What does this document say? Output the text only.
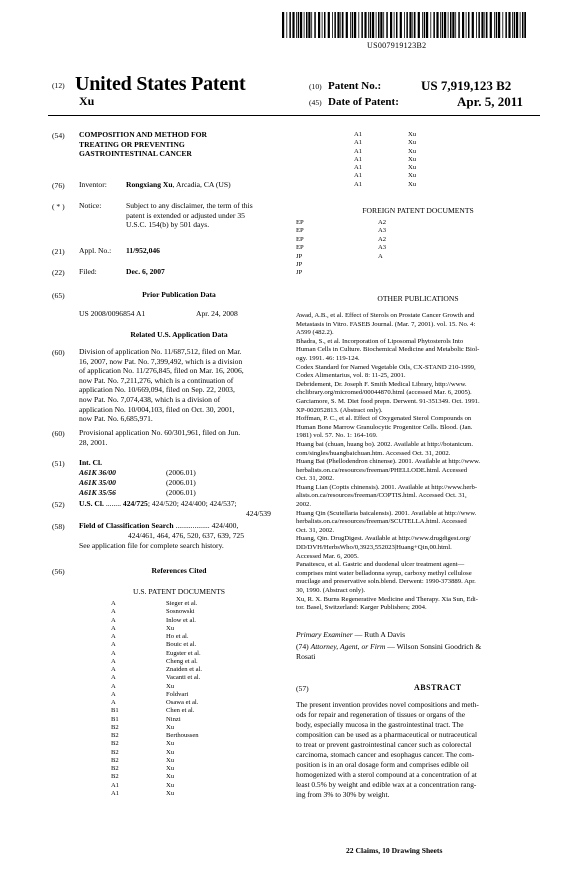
US007919123B2
(12) United States Patent
Xu
(10) Patent No.:	US 7,919,123 B2
(45) Date of Patent:	Apr. 5, 2011
(54) COMPOSITION AND METHOD FOR
TREATING OR PREVENTING
GASTROINTESTINAL CANCER
(76) Inventor:	Rongxiang Xu, Arcadia, CA (US)
( * ) Notice:	Subject to any disclaimer, the term of this
patent is extended or adjusted under 35
U.S.C. 154(b) by 501 days.
(21) Appl. No.: 11/952,046
(22) Filed:	Dec. 6, 2007
(65)	Prior Publication Data
US 2008/0096854 A1	Apr. 24, 2008
Related U.S. Application Data
(60) Division of application No. 11/687,512, filed on Mar.
16, 2007, now Pat. No. 7,399,492, which is a division
of application No. 11/276,845, filed on Mar. 16, 2006,
now Pat. No. 7,211,276, which is a continuation of
application No. 10/669,094, filed on Sep. 22, 2003,
now Pat. No. 7,074,438, which is a division of
application No. 10/004,103, filed on Oct. 30, 2001,
now Pat. No. 6,685,971.
(60) Provisional application No. 60/301,961, filed on Jun.
28, 2001.
(51) Int. Cl.
A61K 36/00	(2006.01)
A61K 35/00	(2006.01)
A61K 35/56	(2006.01)
(52) U.S. Cl. ........ 424/725; 424/520; 424/400; 424/537;
424/539
(58) Field of Classification Search .................. 424/400,
424/461, 464, 476, 520, 637, 639, 725
See application file for complete search history.
(56)	References Cited
U.S. PATENT DOCUMENTS
A	Sieger et al.
A	Sosnowski
A	Inlow et al.
A	Xu
A	Ho et al.
A	Bouic et al.
A	Eugster et al.
A	Cheng et al.
A	Znaiden et al.
A	Vacanti et al.
A	Xu
A	Foldvari
A	Osawa et al.
B1	Chen et al.
B1	Ninzi
B2	Xu
B2	Berthoussen
B2	Xu
B2	Xu
B2	Xu
B2	Xu
B2	Xu
A1	Xu
A1	Xu
A1	Xu
A1	Xu
A1	Xu
A1	Xu
A1	Xu
A1	Xu
A1	Xu
FOREIGN PATENT DOCUMENTS
EP	A2
EP	A3
EP	A2
EP	A3
JP	A
JP
JP
OTHER PUBLICATIONS
Awad, A.B., et al. Effect of Sterols on Prostate Cancer Growth and
Metastasis in Vitro. FASEB Journal. (Mar. 7, 2001). vol. 15. No. 4:
A599 (482.2).
Bhadra, S., et al. Incorporation of Liposomal Phytosterols Into
Human Cells in Culture. Biochemical Medicine and Metabolic Biol-
ogy. 1991. 46: 119-124.
Codex Standard for Named Vegetable Oils, CX-STAND 210-1999,
Codex Alimentarius, vol. 8: 11-25, 2001.
Debridement, Dr. Joseph F. Smith Medical Library, http://www.
chclibrary.org/micromed/00044870.html (accessed Mar. 6, 2005).
Garciamore, S. M. Diet food prepn. Derwent. 91-351349. Oct. 1991.
XP-002052813. (Abstract only).
Hoffman, P. C., et al. Effect of Oxygenated Sterol Compounds on
Human Bone Marrow Granulocytic Progenitor Cells. Blood. (Jan.
1981) vol. 57. No. 1: 164-169.
Huang bai (chuan, huang bo). 2002. Available at http://botanicum.
com/singles/huangbaichuan.htm. Accessed Oct. 31, 2002.
Huang Bai (Phellodendron chinense). 2001. Available at http://www.
herbalists.on.ca/resources/freeman/PHELLODE.html. Accessed
Oct. 31, 2002.
Huang Lian (Coptis chinensis). 2001. Available at http://www.herb-
alists.on.ca/resources/freeman/COPTIS.html. Accessed Oct. 31,
2002.
Huang Qin (Scutellaria baicalensis). 2001. Available at http://www.
herbalists.on.ca/resources/freeman/SCUTELLA.html. Accessed
Oct. 31, 2002.
Huang, Qin. DrugDigest. Available at http://www.drugdigest.org/
DD/DVH/HerbsWho/0,3923,552023|Huang+Qin,00.html.
Accessed Mar. 6, 2005.
Panaitescu, et al. Gastric and duodenal ulcer treatment agent—
comprises mint water belladonna syrup, carboxy methyl cellulose
mucilage and preservative soln.blend. Derwent: 1990-373889. Apr.
30, 1990. (Abstract only).
Xu, R. X. Burns Regenerative Medicine and Therapy. Xia Sun, Edi-
tor. Basel, Switzerland: Karger Publishers; 2004.
Primary Examiner — Ruth A Davis
(74) Attorney, Agent, or Firm — Wilson Sonsini Goodrich &
Rosati
(57)	ABSTRACT
The present invention provides novel compositions and meth-
ods for repair and regeneration of tissues or organs of the
body, especially mucosa in the gastrointestinal tract. The
composition can be used as a pharmaceutical or nutraceutical
to treat or prevent gastrointestinal cancer such as colorectal
carcinoma, stomach cancer and esophagus cancer. The com-
position is in an oral dosage form and comprises edible oil
homogenized with a sterol compound at a concentration of at
least 0.5% by weight and edible wax at a concentration rang-
ing from 3% to 30% by weight.
22 Claims, 10 Drawing Sheets
